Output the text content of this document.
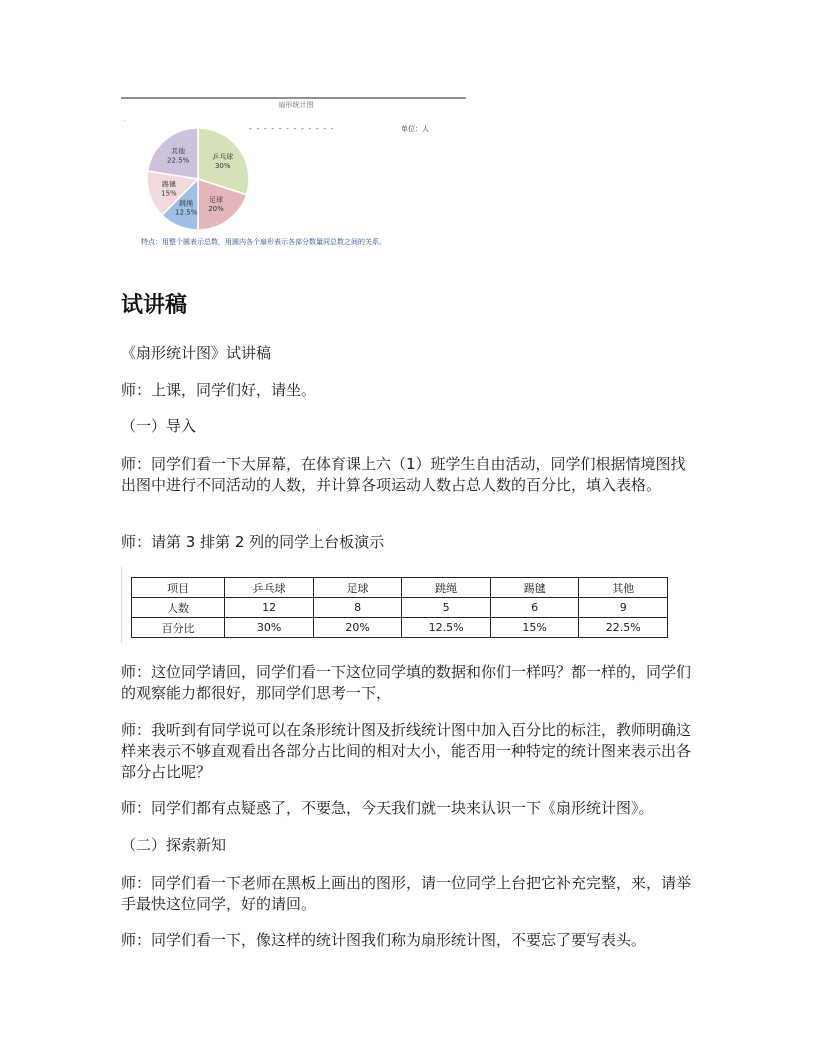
扇形统计图
.
- - - - - - - - - - - -	单位：人
乒乓球
30%
足球
20%
跳绳
12.5%
踢毽
15%
其他
22.5%
特点：用整个圆表示总数，用圆内各个扇形表示各部分数量同总数之间的关系。
试讲稿

《扇形统计图》试讲稿

师：上课，同学们好，请坐。

（一）导入

师：同学们看一下大屏幕，在体育课上六（1）班学生自由活动，同学们根据情境图找出图中进行不同活动的人数，并计算各项运动人数占总人数的百分比，填入表格。

师：请第 3 排第 2 列的同学上台板演示

项目	乒乓球	足球	跳绳	踢毽	其他
人数	12	8	5	6	9
百分比	30%	20%	12.5%	15%	22.5%

师：这位同学请回，同学们看一下这位同学填的数据和你们一样吗？都一样的，同学们的观察能力都很好，那同学们思考一下，

师：我听到有同学说可以在条形统计图及折线统计图中加入百分比的标注，教师明确这样来表示不够直观看出各部分占比间的相对大小，能否用一种特定的统计图来表示出各部分占比呢？

师：同学们都有点疑惑了，不要急，今天我们就一块来认识一下《扇形统计图》。

（二）探索新知

师：同学们看一下老师在黑板上画出的图形，请一位同学上台把它补充完整，来，请举手最快这位同学，好的请回。

师：同学们看一下，像这样的统计图我们称为扇形统计图，不要忘了要写表头。
